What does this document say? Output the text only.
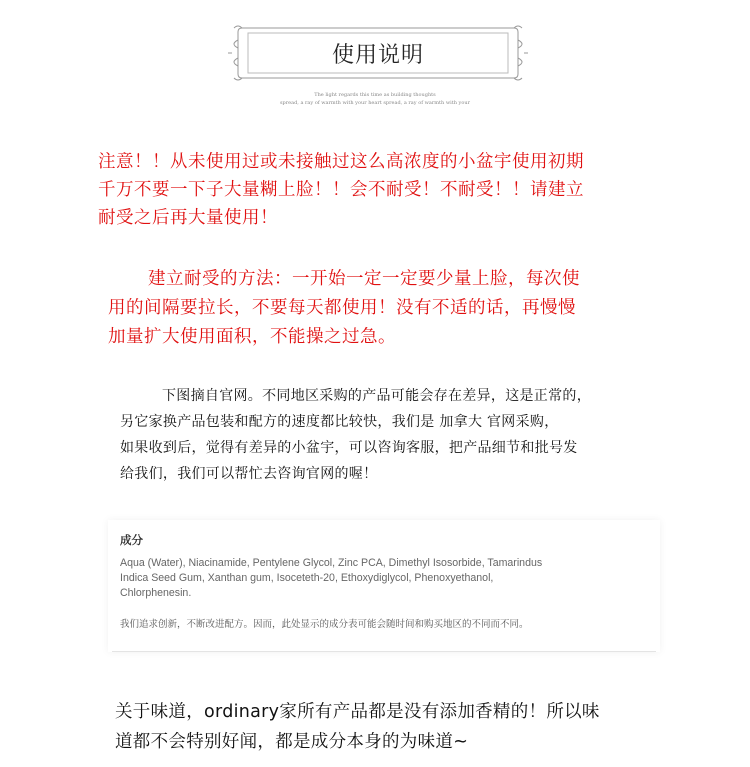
使用说明
The light regards this time as building thoughts
spread, a ray of warmth with your heart spread, a ray of warmth with your
注意！！从未使用过或未接触过这么高浓度的小盆宇使用初期
千万不要一下子大量糊上脸！！会不耐受！不耐受！！请建立
耐受之后再大量使用！
建立耐受的方法：一开始一定一定要少量上脸，每次使
用的间隔要拉长，不要每天都使用！没有不适的话，再慢慢
加量扩大使用面积，不能操之过急。
下图摘自官网。不同地区采购的产品可能会存在差异，这是正常的，
另它家换产品包装和配方的速度都比较快，我们是 加拿大 官网采购，
如果收到后，觉得有差异的小盆宇，可以咨询客服，把产品细节和批号发
给我们，我们可以帮忙去咨询官网的喔！
成分
Aqua (Water), Niacinamide, Pentylene Glycol, Zinc PCA, Dimethyl Isosorbide, Tamarindus
Indica Seed Gum, Xanthan gum, Isoceteth-20, Ethoxydiglycol, Phenoxyethanol,
Chlorphenesin.
我们追求创新，不断改进配方。因而，此处显示的成分表可能会随时间和购买地区的不同而不同。
关于味道，ordinary家所有产品都是没有添加香精的！所以味
道都不会特别好闻，都是成分本身的为味道~
